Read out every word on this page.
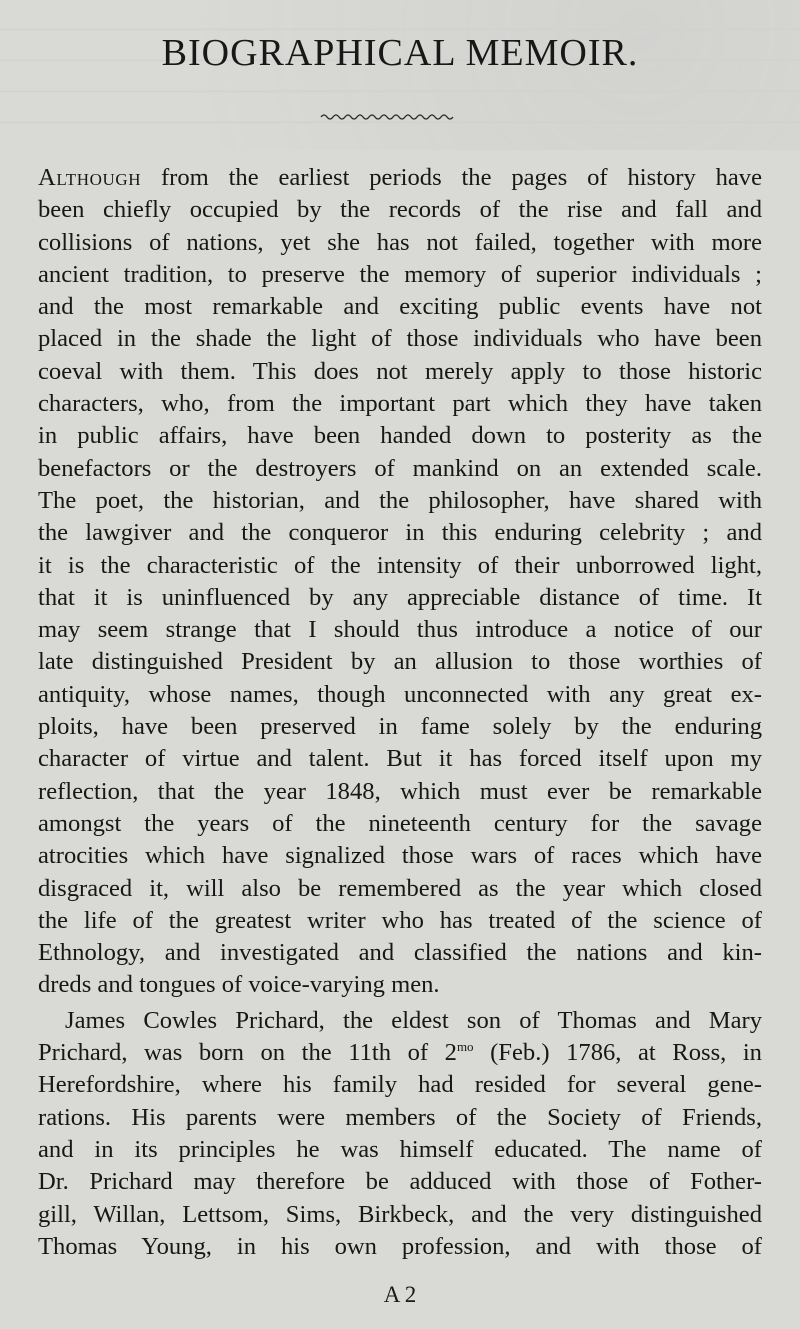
BIOGRAPHICAL MEMOIR.
Although from the earliest periods the pages of history have
been chiefly occupied by the records of the rise and fall and
collisions of nations, yet she has not failed, together with more
ancient tradition, to preserve the memory of superior individuals ;
and the most remarkable and exciting public events have not
placed in the shade the light of those individuals who have been
coeval with them. This does not merely apply to those historic
characters, who, from the important part which they have taken
in public affairs, have been handed down to posterity as the
benefactors or the destroyers of mankind on an extended scale.
The poet, the historian, and the philosopher, have shared with
the lawgiver and the conqueror in this enduring celebrity ; and
it is the characteristic of the intensity of their unborrowed light,
that it is uninfluenced by any appreciable distance of time. It
may seem strange that I should thus introduce a notice of our
late distinguished President by an allusion to those worthies of
antiquity, whose names, though unconnected with any great ex-
ploits, have been preserved in fame solely by the enduring
character of virtue and talent. But it has forced itself upon my
reflection, that the year 1848, which must ever be remarkable
amongst the years of the nineteenth century for the savage
atrocities which have signalized those wars of races which have
disgraced it, will also be remembered as the year which closed
the life of the greatest writer who has treated of the science of
Ethnology, and investigated and classified the nations and kin-
dreds and tongues of voice-varying men.
James Cowles Prichard, the eldest son of Thomas and Mary
Prichard, was born on the 11th of $2^{mo}$ (Feb.) 1786, at Ross, in
Herefordshire, where his family had resided for several gene-
rations. His parents were members of the Society of Friends,
and in its principles he was himself educated. The name of
Dr. Prichard may therefore be adduced with those of Fother-
gill, Willan, Lettsom, Sims, Birkbeck, and the very distinguished
Thomas Young, in his own profession, and with those of
A 2
